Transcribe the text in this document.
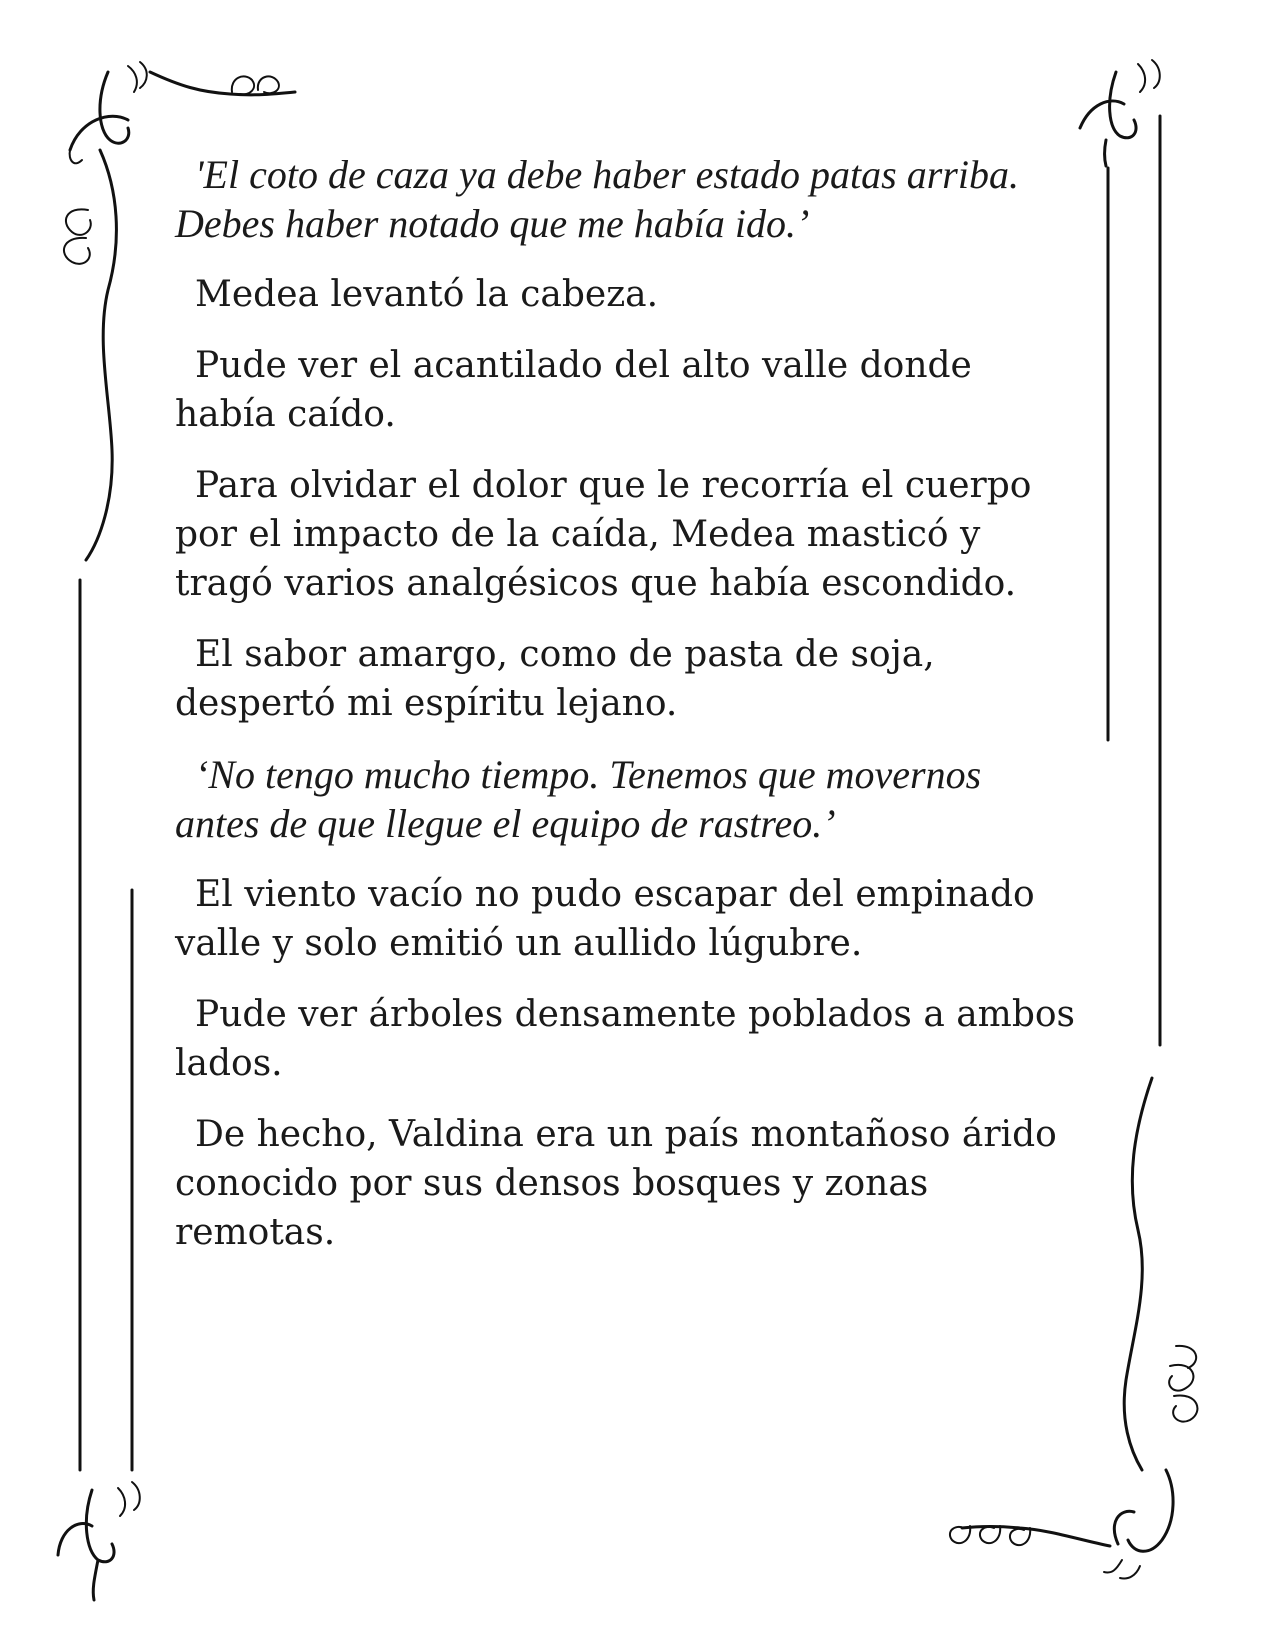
'El coto de caza ya debe haber estado patas arriba. Debes haber notado que me había ido.’

Medea levantó la cabeza.

Pude ver el acantilado del alto valle donde había caído.

Para olvidar el dolor que le recorría el cuerpo por el impacto de la caída, Medea masticó y tragó varios analgésicos que había escondido.

El sabor amargo, como de pasta de soja, despertó mi espíritu lejano.

‘No tengo mucho tiempo. Tenemos que movernos antes de que llegue el equipo de rastreo.’

El viento vacío no pudo escapar del empinado valle y solo emitió un aullido lúgubre.

Pude ver árboles densamente poblados a ambos lados.

De hecho, Valdina era un país montañoso árido conocido por sus densos bosques y zonas remotas.
